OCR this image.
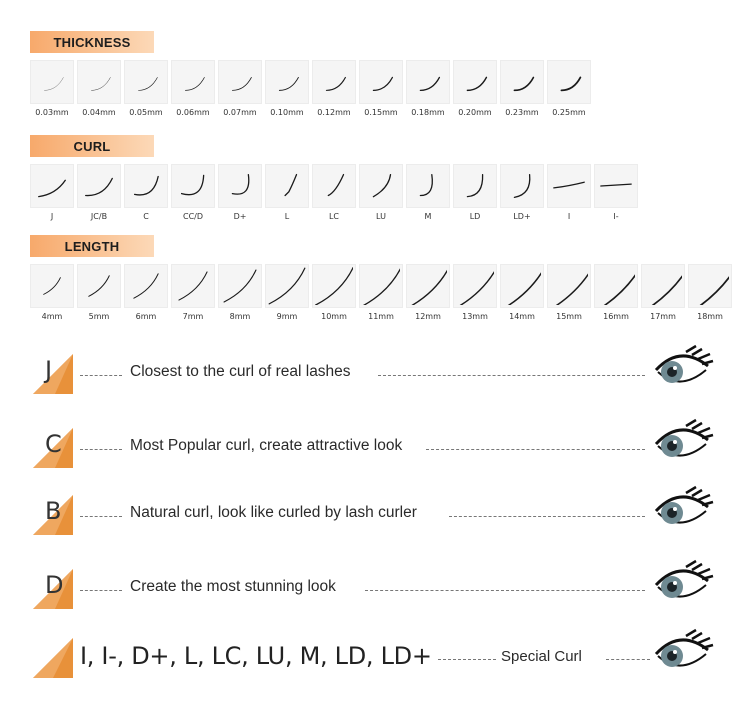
THICKNESS
0.03mm 0.04mm 0.05mm 0.06mm 0.07mm 0.10mm 0.12mm 0.15mm 0.18mm 0.20mm 0.23mm 0.25mm
CURL
J	JC/B	C	CC/D	D+	L	LC	LU	M	LD	LD+	I	I-
LENGTH
4mm	5mm	6mm	7mm	8mm	9mm	10mm	11mm	12mm	13mm	14mm	15mm	16mm	17mm	18mm
J	Closest to the curl of real lashes
C	Most Popular curl, create attractive look
B	Natural curl, look like curled by lash curler
D	Create the most stunning look
I, I-, D+, L, LC, LU, M, LD, LD+	Special Curl
